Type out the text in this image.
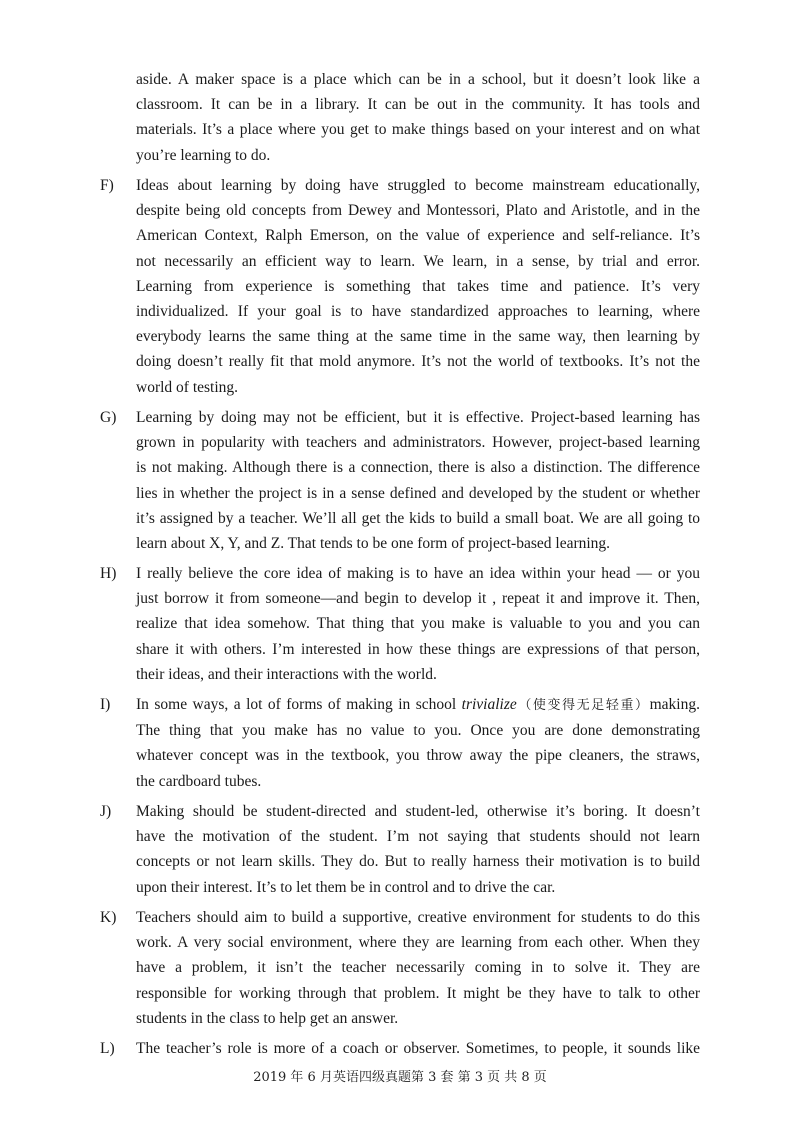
aside. A maker space is a place which can be in a school, but it doesn’t look like a
classroom. It can be in a library. It can be out in the community. It has tools and
materials. It’s a place where you get to make things based on your interest and on what
you’re learning to do.
F)	Ideas about learning by doing have struggled to become mainstream educationally,
despite being old concepts from Dewey and Montessori, Plato and Aristotle, and in the
American Context, Ralph Emerson, on the value of experience and self-reliance. It’s
not necessarily an efficient way to learn. We learn, in a sense, by trial and error.
Learning from experience is something that takes time and patience. It’s very
individualized. If your goal is to have standardized approaches to learning, where
everybody learns the same thing at the same time in the same way, then learning by
doing doesn’t really fit that mold anymore. It’s not the world of textbooks. It’s not the
world of testing.
G)	Learning by doing may not be efficient, but it is effective. Project-based learning has
grown in popularity with teachers and administrators. However, project-based learning
is not making. Although there is a connection, there is also a distinction. The difference
lies in whether the project is in a sense defined and developed by the student or whether
it’s assigned by a teacher. We’ll all get the kids to build a small boat. We are all going to
learn about X, Y, and Z. That tends to be one form of project-based learning.
H)	I really believe the core idea of making is to have an idea within your head — or you
just borrow it from someone—and begin to develop it , repeat it and improve it. Then,
realize that idea somehow. That thing that you make is valuable to you and you can
share it with others. I’m interested in how these things are expressions of that person,
their ideas, and their interactions with the world.
I)	In some ways, a lot of forms of making in school trivialize（使变得无足轻重）making.
The thing that you make has no value to you. Once you are done demonstrating
whatever concept was in the textbook, you throw away the pipe cleaners, the straws,
the cardboard tubes.
J)	Making should be student-directed and student-led, otherwise it’s boring. It doesn’t
have the motivation of the student. I’m not saying that students should not learn
concepts or not learn skills. They do. But to really harness their motivation is to build
upon their interest. It’s to let them be in control and to drive the car.
K)	Teachers should aim to build a supportive, creative environment for students to do this
work. A very social environment, where they are learning from each other. When they
have a problem, it isn’t the teacher necessarily coming in to solve it. They are
responsible for working through that problem. It might be they have to talk to other
students in the class to help get an answer.
L)	The teacher’s role is more of a coach or observer. Sometimes, to people, it sounds like
2019 年 6 月英语四级真题第 3 套 第 3 页 共 8 页
